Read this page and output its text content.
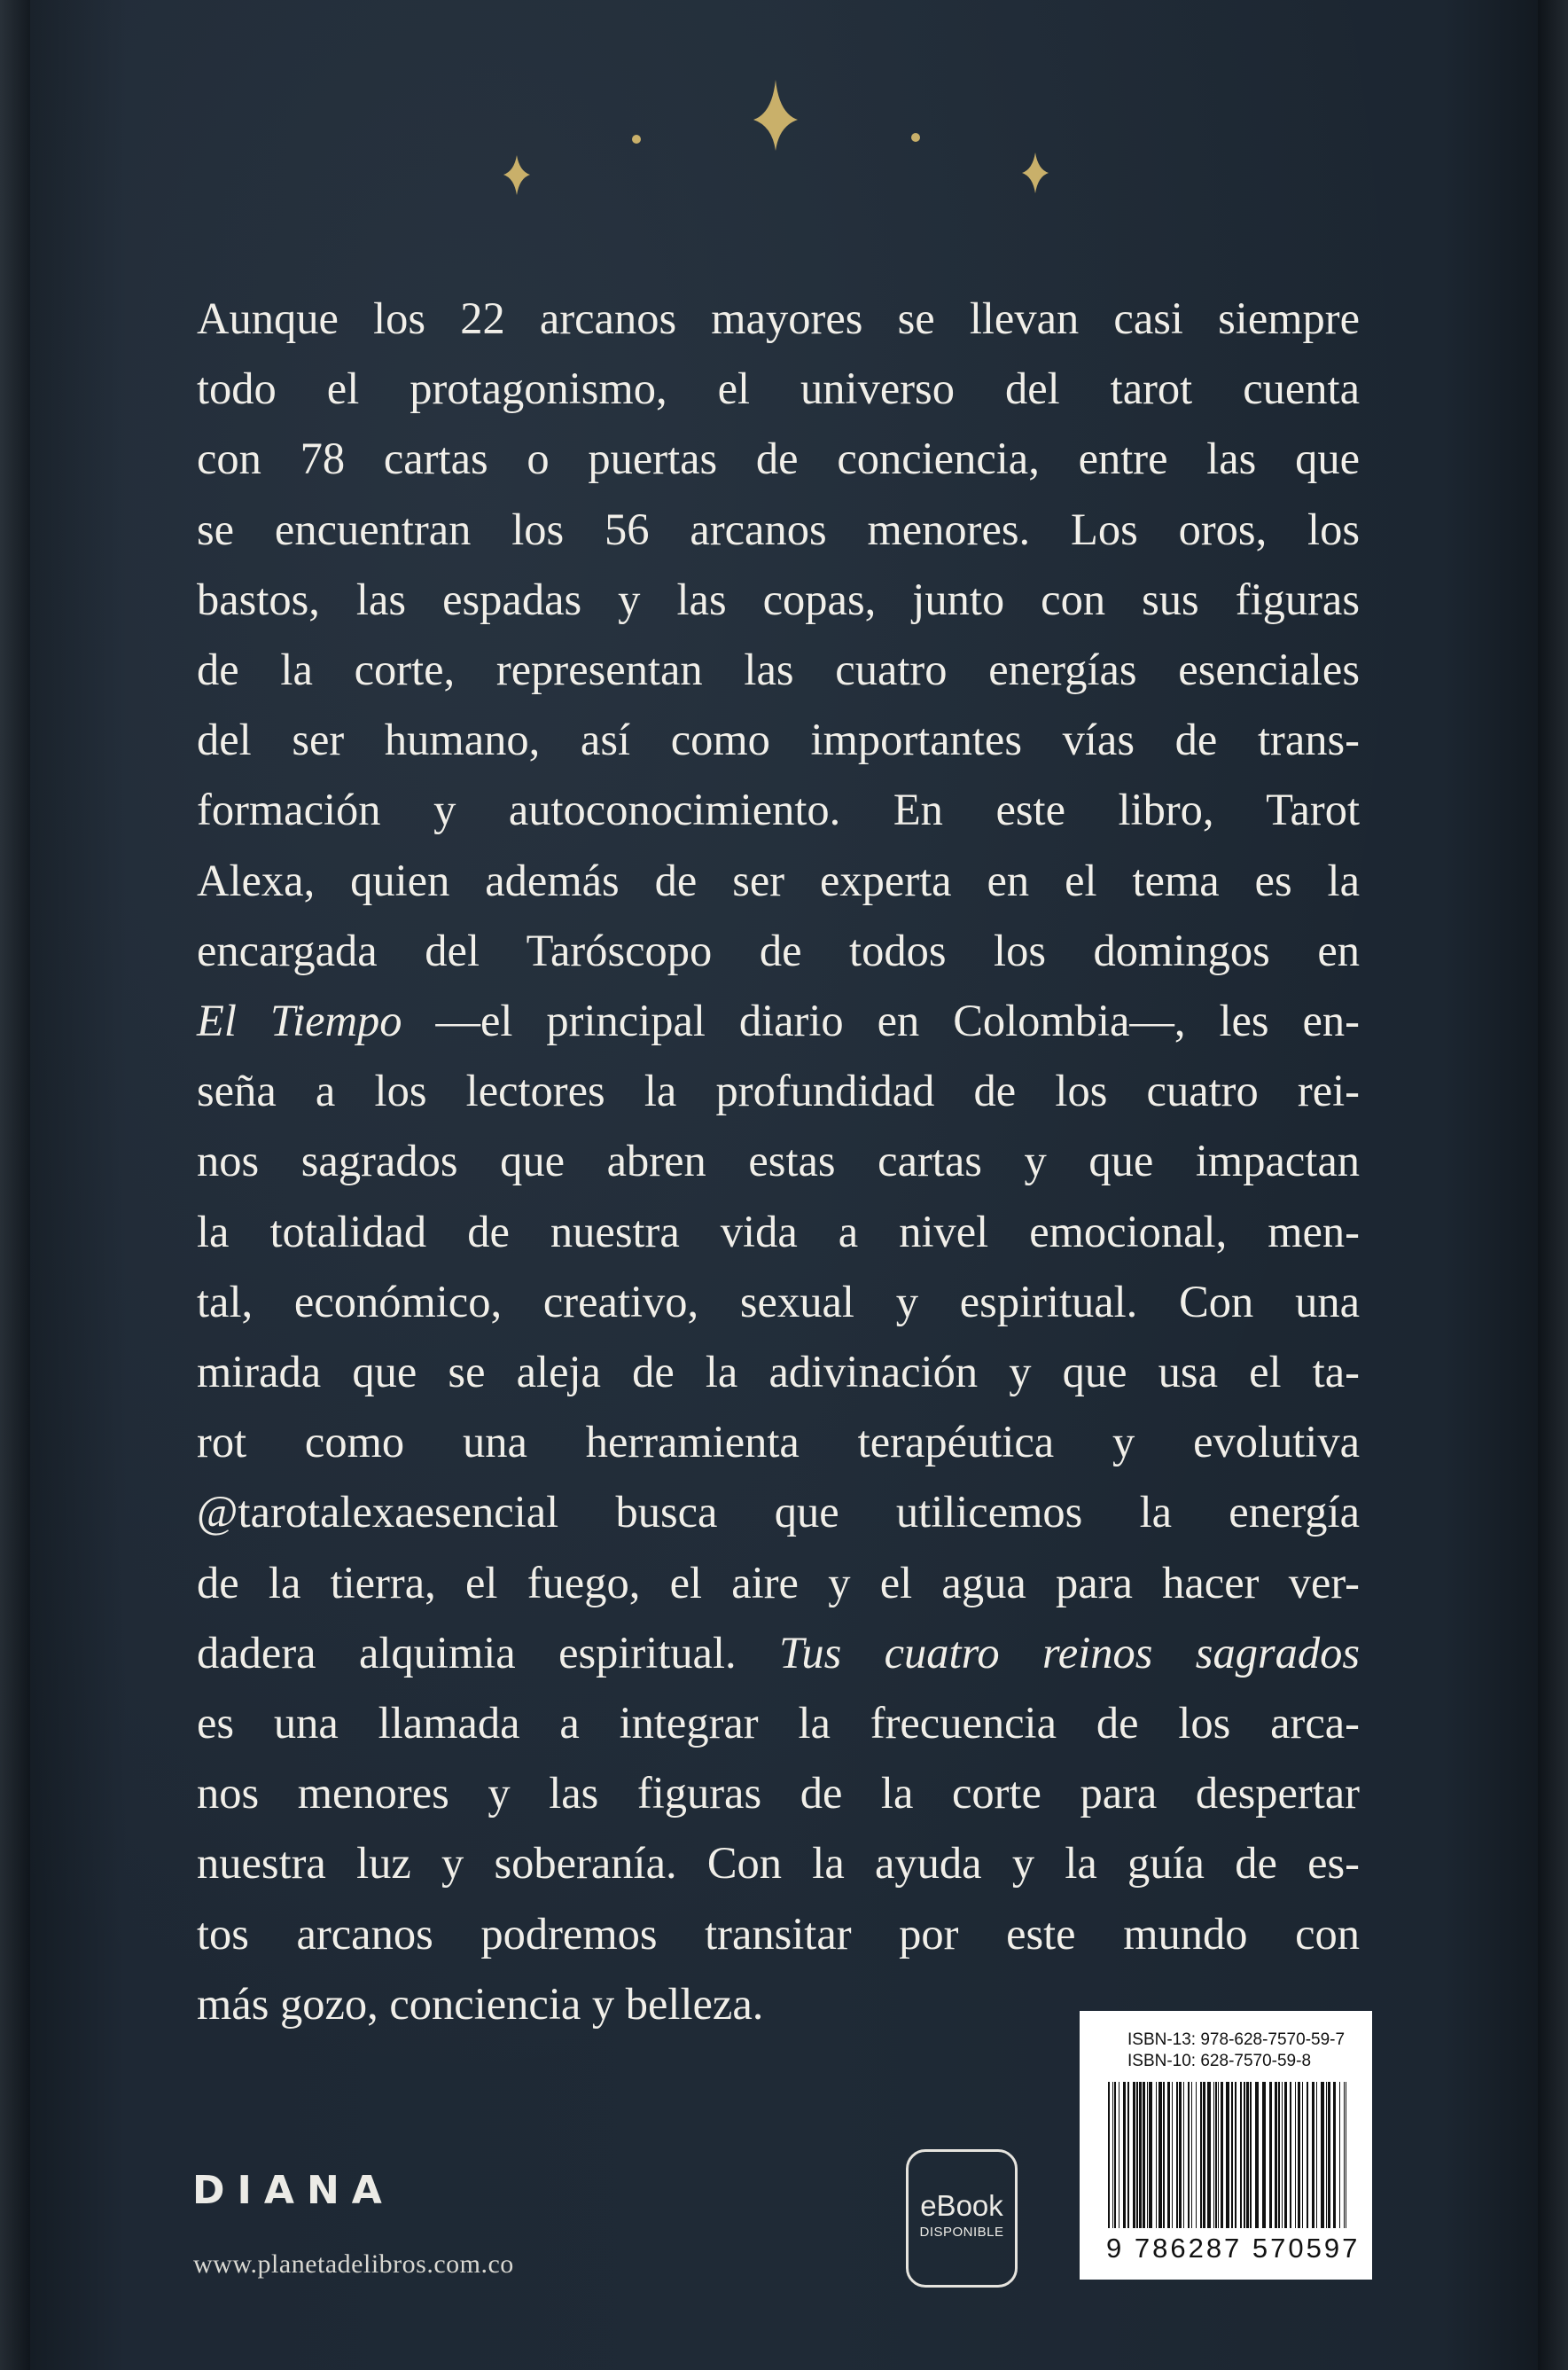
Aunque los 22 arcanos mayores se llevan casi siempre
todo el protagonismo, el universo del tarot cuenta
con 78 cartas o puertas de conciencia, entre las que
se encuentran los 56 arcanos menores. Los oros, los
bastos, las espadas y las copas, junto con sus figuras
de la corte, representan las cuatro energías esenciales
del ser humano, así como importantes vías de trans-
formación y autoconocimiento. En este libro, Tarot
Alexa, quien además de ser experta en el tema es la
encargada del Taróscopo de todos los domingos en
El Tiempo —el principal diario en Colombia—, les en-
seña a los lectores la profundidad de los cuatro rei-
nos sagrados que abren estas cartas y que impactan
la totalidad de nuestra vida a nivel emocional, men-
tal, económico, creativo, sexual y espiritual. Con una
mirada que se aleja de la adivinación y que usa el ta-
rot como una herramienta terapéutica y evolutiva
@tarotalexaesencial busca que utilicemos la energía
de la tierra, el fuego, el aire y el agua para hacer ver-
dadera alquimia espiritual. Tus cuatro reinos sagrados
es una llamada a integrar la frecuencia de los arca-
nos menores y las figuras de la corte para despertar
nuestra luz y soberanía. Con la ayuda y la guía de es-
tos arcanos podremos transitar por este mundo con
más gozo, conciencia y belleza.

DIANA
www.planetadelibros.com.co
eBook
DISPONIBLE
ISBN-13: 978-628-7570-59-7
ISBN-10: 628-7570-59-8
9 786287 570597
